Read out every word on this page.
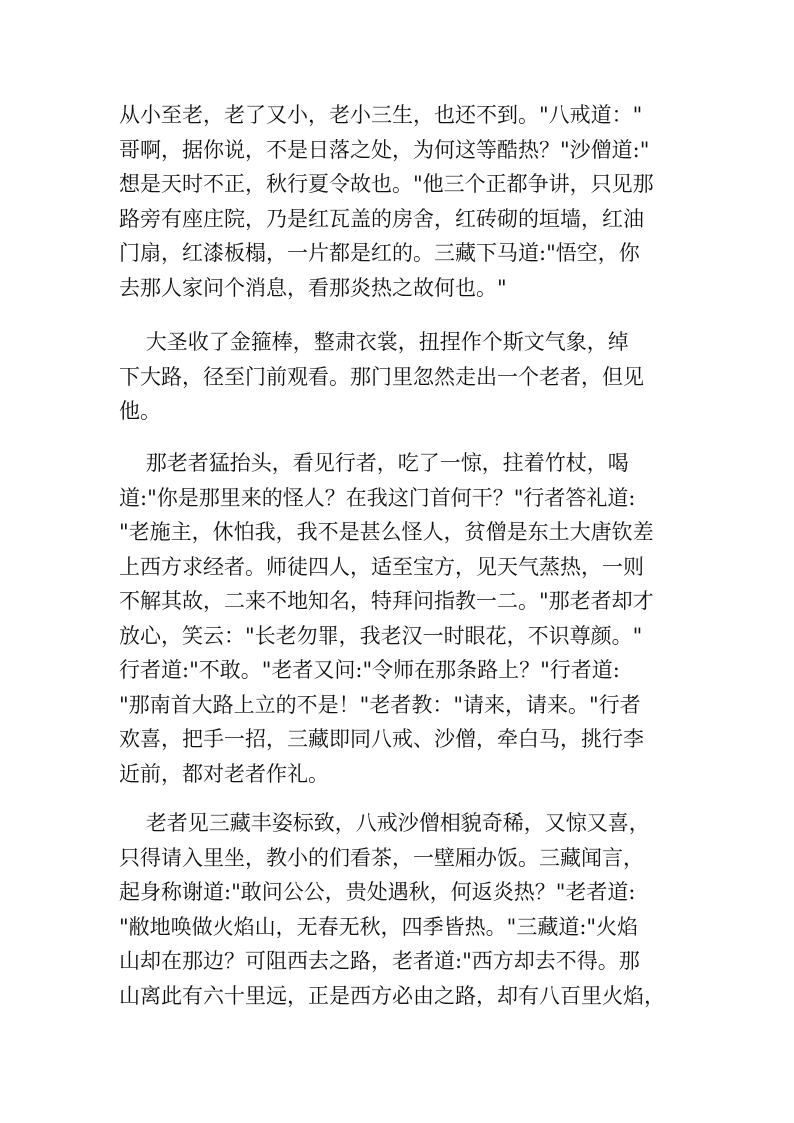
从小至老，老了又小，老小三生，也还不到。"八戒道："
哥啊，据你说，不是日落之处，为何这等酷热？"沙僧道:"
想是天时不正，秋行夏令故也。"他三个正都争讲，只见那
路旁有座庄院，乃是红瓦盖的房舍，红砖砌的垣墙，红油
门扇，红漆板榻，一片都是红的。三藏下马道:"悟空，你
去那人家问个消息，看那炎热之故何也。"
大圣收了金箍棒，整肃衣裳，扭捏作个斯文气象，绰
下大路，径至门前观看。那门里忽然走出一个老者，但见
他。
那老者猛抬头，看见行者，吃了一惊，拄着竹杖，喝
道:"你是那里来的怪人？在我这门首何干？"行者答礼道:
"老施主，休怕我，我不是甚么怪人，贫僧是东土大唐钦差
上西方求经者。师徒四人，适至宝方，见天气蒸热，一则
不解其故，二来不地知名，特拜问指教一二。"那老者却才
放心，笑云："长老勿罪，我老汉一时眼花，不识尊颜。"
行者道:"不敢。"老者又问:"令师在那条路上？"行者道:
"那南首大路上立的不是！"老者教："请来，请来。"行者
欢喜，把手一招，三藏即同八戒、沙僧，牵白马，挑行李
近前，都对老者作礼。
老者见三藏丰姿标致，八戒沙僧相貌奇稀，又惊又喜，
只得请入里坐，教小的们看茶，一壁厢办饭。三藏闻言，
起身称谢道:"敢问公公，贵处遇秋，何返炎热？"老者道:
"敝地唤做火焰山，无春无秋，四季皆热。"三藏道:"火焰
山却在那边？可阻西去之路，老者道:"西方却去不得。那
山离此有六十里远，正是西方必由之路，却有八百里火焰，
